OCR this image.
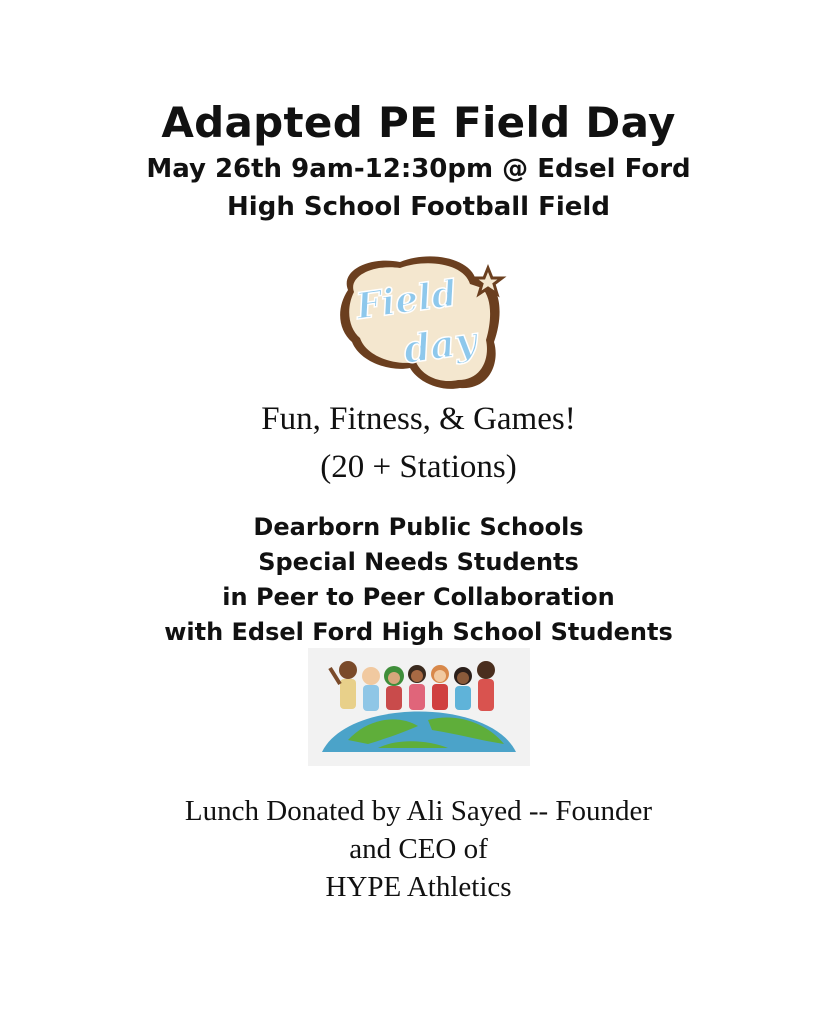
Adapted PE Field Day
May 26th 9am-12:30pm @ Edsel Ford
High School Football Field
Field
day
Fun, Fitness, & Games!
(20 + Stations)
Dearborn Public Schools
Special Needs Students
in Peer to Peer Collaboration
with Edsel Ford High School Students
Lunch Donated by Ali Sayed -- Founder
and CEO of
HYPE Athletics
